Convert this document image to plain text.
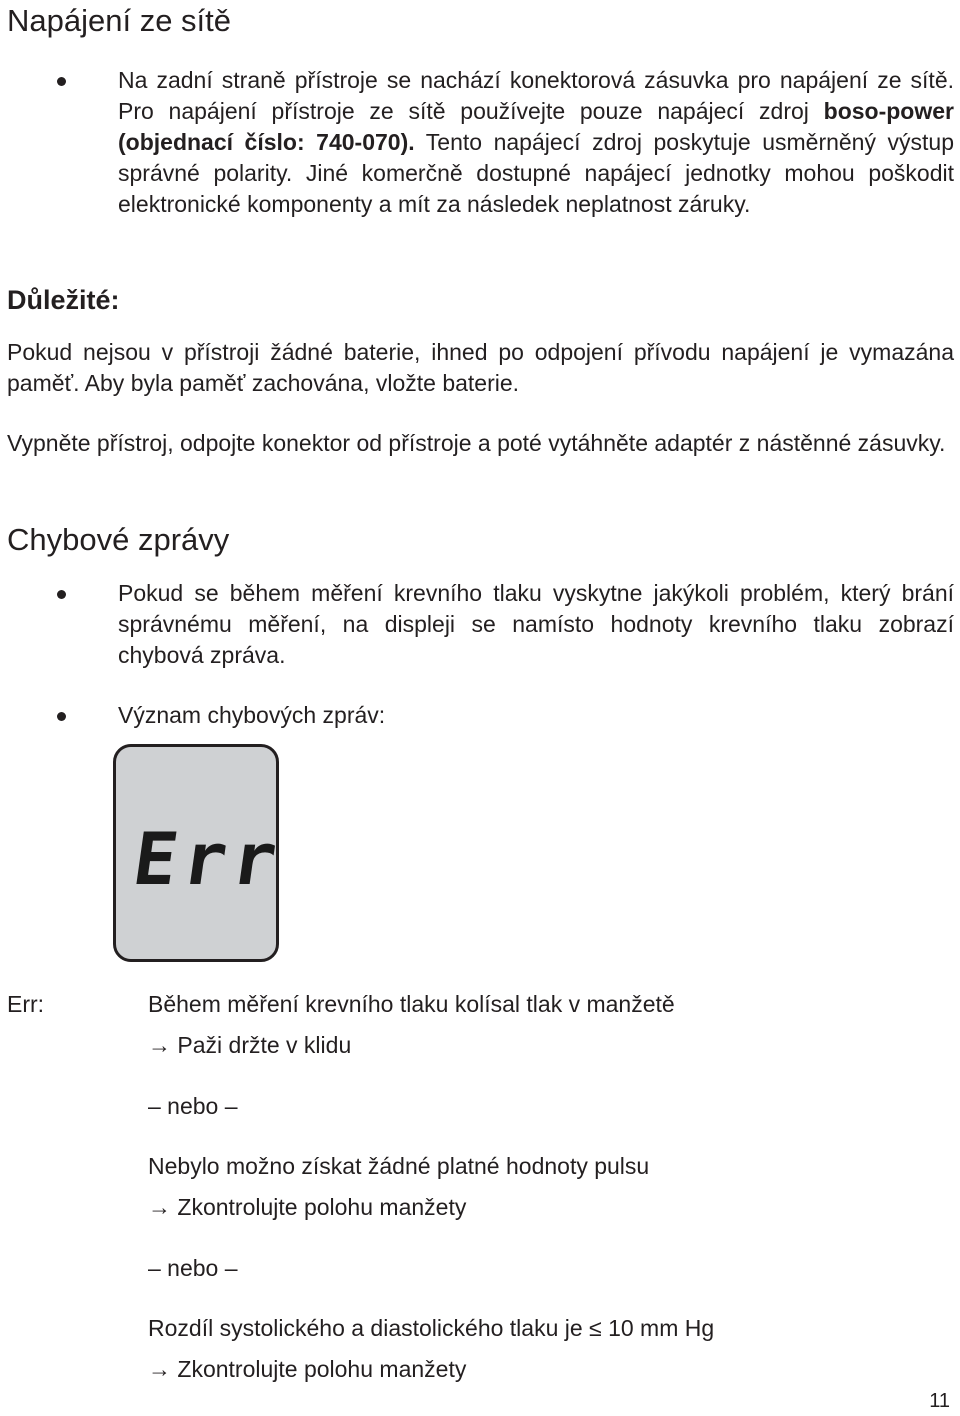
Napájení ze sítě

Na zadní straně přístroje se nachází konektorová zásuvka pro napájení ze sítě. Pro napájení přístroje ze sítě používejte pouze napájecí zdroj boso-power (objednací číslo: 740-070). Tento napájecí zdroj poskytuje usměrněný výstup správné polarity. Jiné komerčně dostupné napájecí jednotky mohou poškodit elektronické komponenty a mít za následek neplatnost záruky.

Důležité:

Pokud nejsou v přístroji žádné baterie, ihned po odpojení přívodu napájení je vymazána paměť. Aby byla paměť zachována, vložte baterie.

Vypněte přístroj, odpojte konektor od přístroje a poté vytáhněte adaptér z nástěnné zásuvky.

Chybové zprávy

Pokud se během měření krevního tlaku vyskytne jakýkoli problém, který brání správnému měření, na displeji se namísto hodnoty krevního tlaku zobrazí chybová zpráva.

Význam chybových zpráv:

Err
Err:	Během měření krevního tlaku kolísal tlak v manžetě
→ Paži držte v klidu
– nebo –
Nebylo možno získat žádné platné hodnoty pulsu
→ Zkontrolujte polohu manžety
– nebo –
Rozdíl systolického a diastolického tlaku je ≤ 10 mm Hg
→ Zkontrolujte polohu manžety
11
